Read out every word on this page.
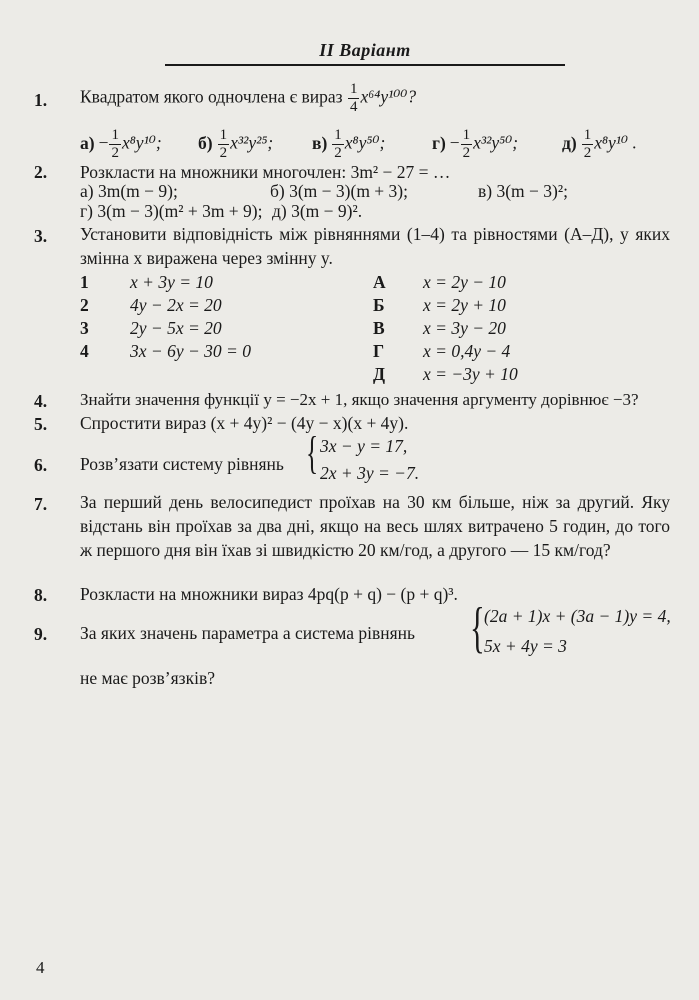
II Варіант
1. Квадратом якого одночлена є вираз $\frac{1}{4} x^{64}y^{100}$?
$а) - \frac{1}{2} x^8y^{10}$; $б) \frac{1}{2} x^{32}y^{25}$; $в) \frac{1}{2} x^8y^{50}$;	$г) - \frac{1}{2} x^{32}y^{50}$;	$д) \frac{1}{2} x^8y^{10}$ .
2. Розкласти на множники многочлен: 3m² − 27 = …
а) 3m(m − 9);	б) 3(m − 3)(m + 3);	в) 3(m − 3)²;
г) 3(m − 3)(m² + 3m + 9); д) 3(m − 9)².
3. Установити відповідність між рівняннями (1–4) та рівностями (А–Д), у яких змінна x виражена через змінну y.
1 x + 3y = 10
2 4y − 2x = 20
3 2y − 5x = 20
4 3x − 6y − 30 = 0
А x = 2y − 10
Б x = 2y + 10
В x = 3y − 20
Г x = 0,4y − 4
Д x = −3y + 10
4. Знайти значення функції y = −2x + 1, якщо значення аргументу дорівнює −3?
5. Спростити вираз (x + 4y)² − (4y − x)(x + 4y).
6. Розв’язати систему рівнянь { 3x − y = 17,
2x + 3y = −7.
7. За перший день велосипедист проїхав на 30 км більше, ніж за другий. Яку відстань він проїхав за два дні, якщо на весь шлях витрачено 5 годин, до того ж першого дня він їхав зі швидкістю 20 км/год, а другого — 15 км/год?
8. Розкласти на множники вираз 4pq(p + q) − (p + q)³.
9. За яких значень параметра a система рівнянь { (2a + 1)x + (3a − 1)y = 4,
5x + 4y = 3
не має розв’язків?
4
